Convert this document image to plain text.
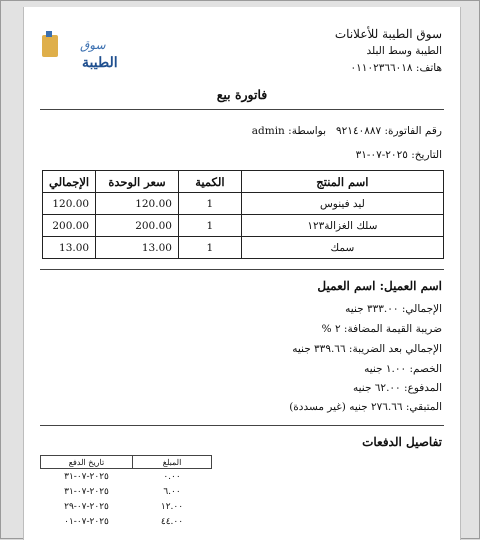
سوق
الطيبة
سوق الطيبة للأعلانات
الطيبة وسط البلد
هاتف: ٠١١٠٢٣٦٦٠١٨
فاتورة بيع
رقم الفاتورة: ٩٢١٤٠٨٨٧   بواسطة: admin
التاريخ: ٢٠٢٥-٠٧-٣١
اسم المنتج	الكمية	سعر الوحدة	الإجمالي
ليد فينوس	1	120.00	120.00
سلك الغزالة١٢٣	1	200.00	200.00
سمك	1	13.00	13.00
اسم العميل: اسم العميل
الإجمالي: ٣٣٣.٠٠ جنيه
ضريبة القيمة المضافة: ٢ %
الإجمالي بعد الضريبة: ٣٣٩.٦٦ جنيه
الخصم: ١.٠٠ جنيه
المدفوع: ٦٢.٠٠ جنيه
المتبقي: ٢٧٦.٦٦ جنيه (غير مسددة)
تفاصيل الدفعات
المبلغ	تاريخ الدفع
٠.٠٠	٢٠٢٥-٠٧-٣١
٦.٠٠	٢٠٢٥-٠٧-٣١
١٢.٠٠	٢٠٢٥-٠٧-٢٩
٤٤.٠٠	٢٠٢٥-٠٧-٠١
